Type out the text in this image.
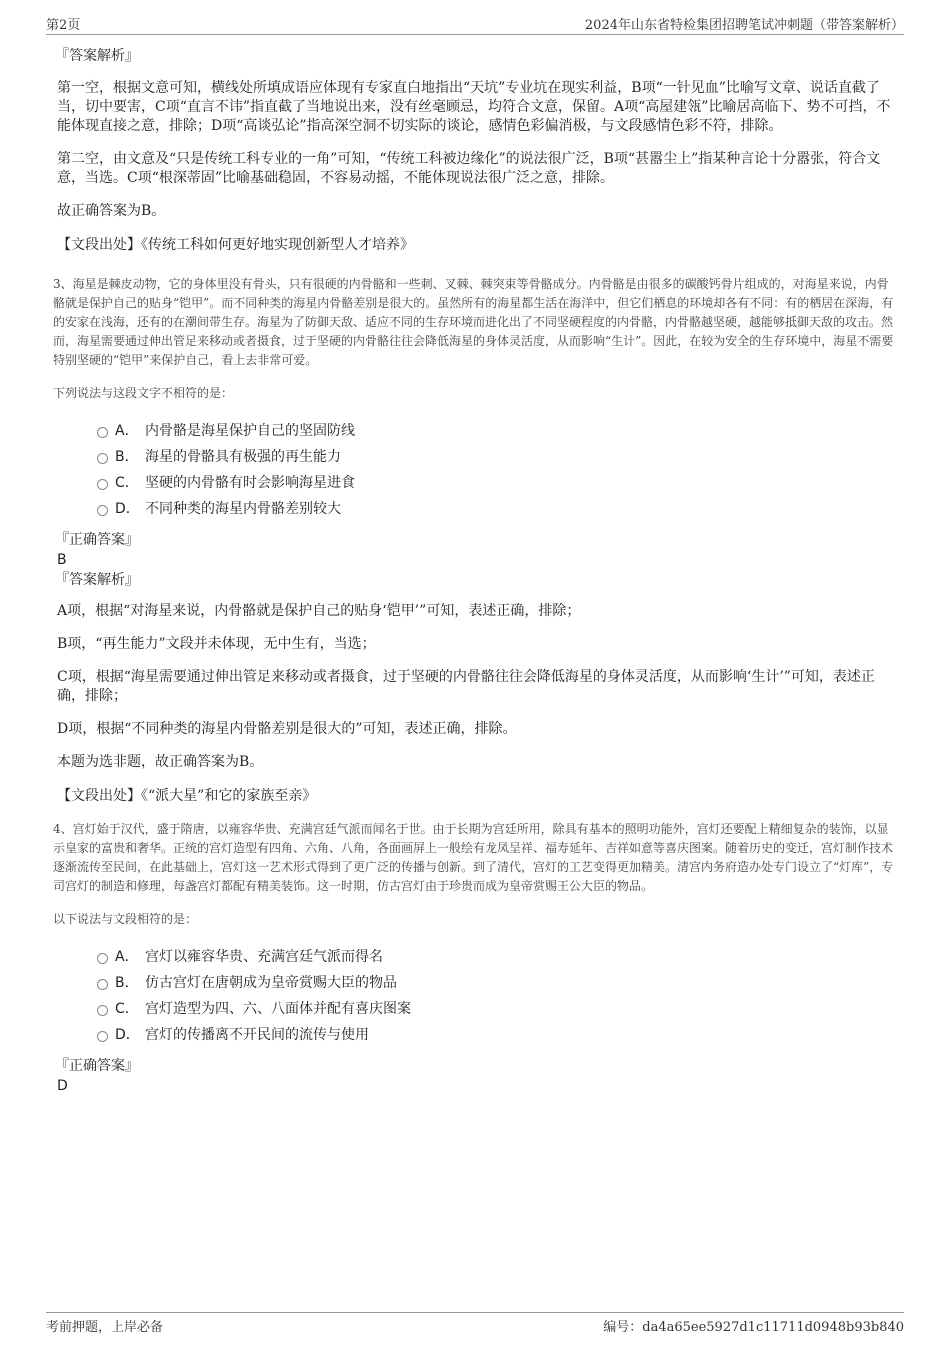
第2页	2024年山东省特检集团招聘笔试冲刺题（带答案解析）
『答案解析』

第一空，根据文意可知，横线处所填成语应体现有专家直白地指出“天坑”专业坑在现实利益，B项“一针见血”比喻写文章、说话直截了当，切中要害，C项“直言不讳”指直截了当地说出来，没有丝毫顾忌，均符合文意，保留。A项“高屋建瓴”比喻居高临下、势不可挡，不能体现直接之意，排除；D项“高谈弘论”指高深空洞不切实际的谈论，感情色彩偏消极，与文段感情色彩不符，排除。

第二空，由文意及“只是传统工科专业的一角”可知，“传统工科被边缘化”的说法很广泛，B项“甚嚣尘上”指某种言论十分嚣张，符合文意，当选。C项“根深蒂固”比喻基础稳固，不容易动摇，不能体现说法很广泛之意，排除。

故正确答案为B。

【文段出处】《传统工科如何更好地实现创新型人才培养》

3、海星是棘皮动物，它的身体里没有骨头，只有很硬的内骨骼和一些刺、叉棘、棘突束等骨骼成分。内骨骼是由很多的碳酸钙骨片组成的，对海星来说，内骨骼就是保护自己的贴身“铠甲”。而不同种类的海星内骨骼差别是很大的。虽然所有的海星都生活在海洋中，但它们栖息的环境却各有不同：有的栖居在深海，有的安家在浅海，还有的在潮间带生存。海星为了防御天敌、适应不同的生存环境而进化出了不同坚硬程度的内骨骼，内骨骼越坚硬，越能够抵御天敌的攻击。然而，海星需要通过伸出管足来移动或者摄食，过于坚硬的内骨骼往往会降低海星的身体灵活度，从而影响“生计”。因此，在较为安全的生存环境中，海星不需要特别坚硬的“铠甲”来保护自己，看上去非常可爱。

下列说法与这段文字不相符的是：

A． 内骨骼是海星保护自己的坚固防线
B． 海星的骨骼具有极强的再生能力
C． 坚硬的内骨骼有时会影响海星进食
D． 不同种类的海星内骨骼差别较大
『正确答案』
B
『答案解析』

A项，根据“对海星来说，内骨骼就是保护自己的贴身‘铠甲’”可知，表述正确，排除；

B项，“再生能力”文段并未体现，无中生有，当选；

C项，根据“海星需要通过伸出管足来移动或者摄食，过于坚硬的内骨骼往往会降低海星的身体灵活度，从而影响‘生计’”可知，表述正确，排除；

D项，根据“不同种类的海星内骨骼差别是很大的”可知，表述正确，排除。

本题为选非题，故正确答案为B。

【文段出处】《“派大星”和它的家族至亲》

4、宫灯始于汉代，盛于隋唐，以雍容华贵、充满宫廷气派而闻名于世。由于长期为宫廷所用，除具有基本的照明功能外，宫灯还要配上精细复杂的装饰，以显示皇家的富贵和奢华。正统的宫灯造型有四角、六角、八角，各面画屏上一般绘有龙凤呈祥、福寿延年、吉祥如意等喜庆图案。随着历史的变迁，宫灯制作技术逐渐流传至民间，在此基础上，宫灯这一艺术形式得到了更广泛的传播与创新。到了清代，宫灯的工艺变得更加精美。清宫内务府造办处专门设立了“灯库”，专司宫灯的制造和修理，每盏宫灯都配有精美装饰。这一时期，仿古宫灯由于珍贵而成为皇帝赏赐王公大臣的物品。

以下说法与文段相符的是：

A． 宫灯以雍容华贵、充满宫廷气派而得名
B． 仿古宫灯在唐朝成为皇帝赏赐大臣的物品
C． 宫灯造型为四、六、八面体并配有喜庆图案
D． 宫灯的传播离不开民间的流传与使用
『正确答案』
D
考前押题，上岸必备	编号：da4a65ee5927d1c11711d0948b93b840
